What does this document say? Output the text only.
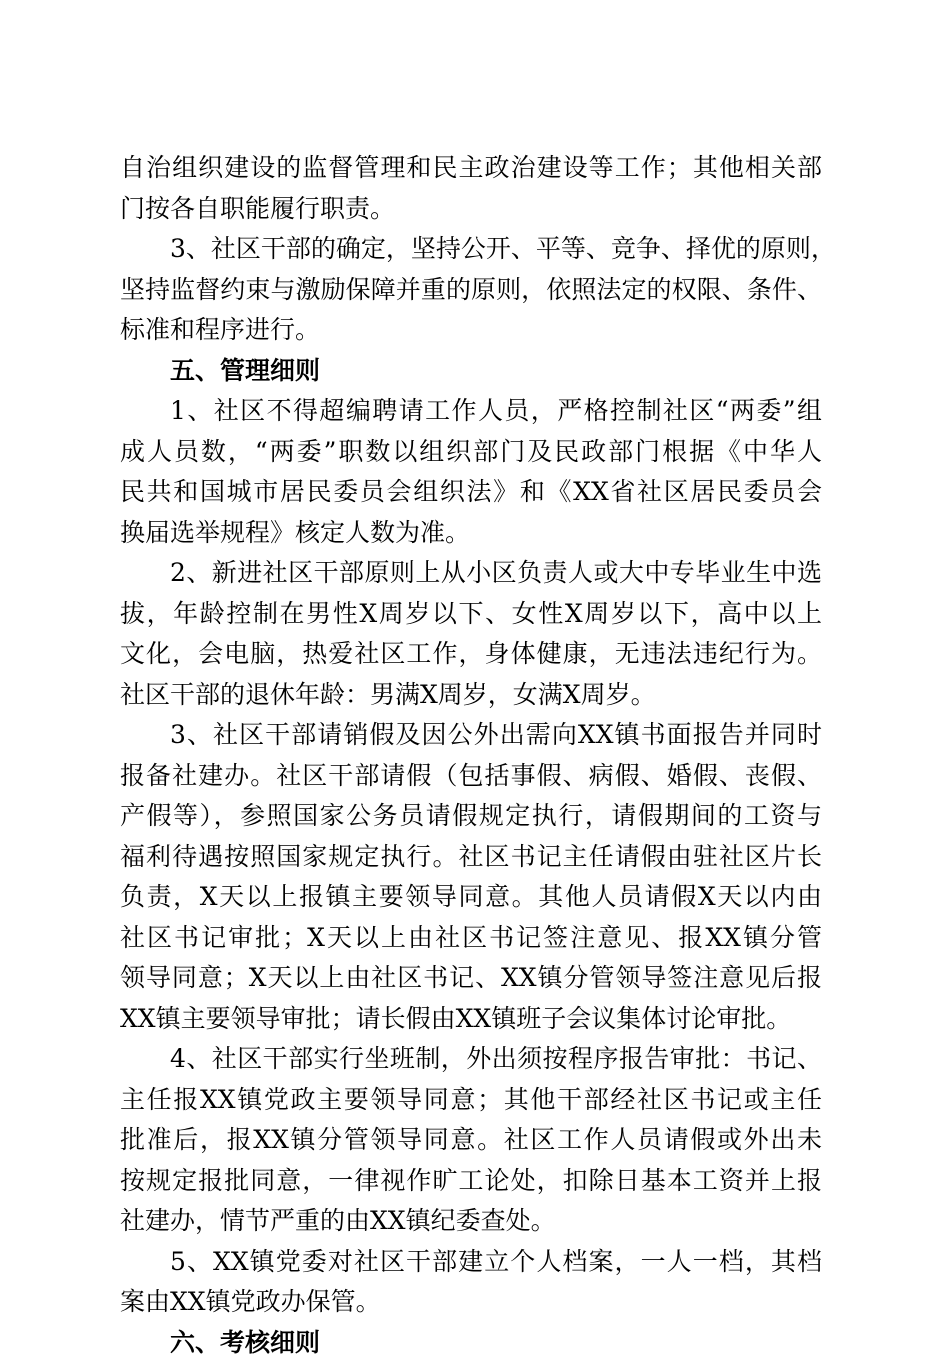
自治组织建设的监督管理和民主政治建设等工作；其他相关部
门按各自职能履行职责。
3、社区干部的确定，坚持公开、平等、竞争、择优的原则，
坚持监督约束与激励保障并重的原则，依照法定的权限、条件、
标准和程序进行。
五、管理细则
1、社区不得超编聘请工作人员，严格控制社区“两委”组
成人员数，“两委”职数以组织部门及民政部门根据《中华人
民共和国城市居民委员会组织法》和《XX省社区居民委员会
换届选举规程》核定人数为准。
2、新进社区干部原则上从小区负责人或大中专毕业生中选
拔，年龄控制在男性X周岁以下、女性X周岁以下，高中以上
文化，会电脑，热爱社区工作，身体健康，无违法违纪行为。
社区干部的退休年龄：男满X周岁，女满X周岁。
3、社区干部请销假及因公外出需向XX镇书面报告并同时
报备社建办。社区干部请假（包括事假、病假、婚假、丧假、
产假等），参照国家公务员请假规定执行，请假期间的工资与
福利待遇按照国家规定执行。社区书记主任请假由驻社区片长
负责，X天以上报镇主要领导同意。其他人员请假X天以内由
社区书记审批；X天以上由社区书记签注意见、报XX镇分管
领导同意；X天以上由社区书记、XX镇分管领导签注意见后报
XX镇主要领导审批；请长假由XX镇班子会议集体讨论审批。
4、社区干部实行坐班制，外出须按程序报告审批：书记、
主任报XX镇党政主要领导同意；其他干部经社区书记或主任
批准后，报XX镇分管领导同意。社区工作人员请假或外出未
按规定报批同意，一律视作旷工论处，扣除日基本工资并上报
社建办，情节严重的由XX镇纪委查处。
5、XX镇党委对社区干部建立个人档案，一人一档，其档
案由XX镇党政办保管。
六、考核细则
